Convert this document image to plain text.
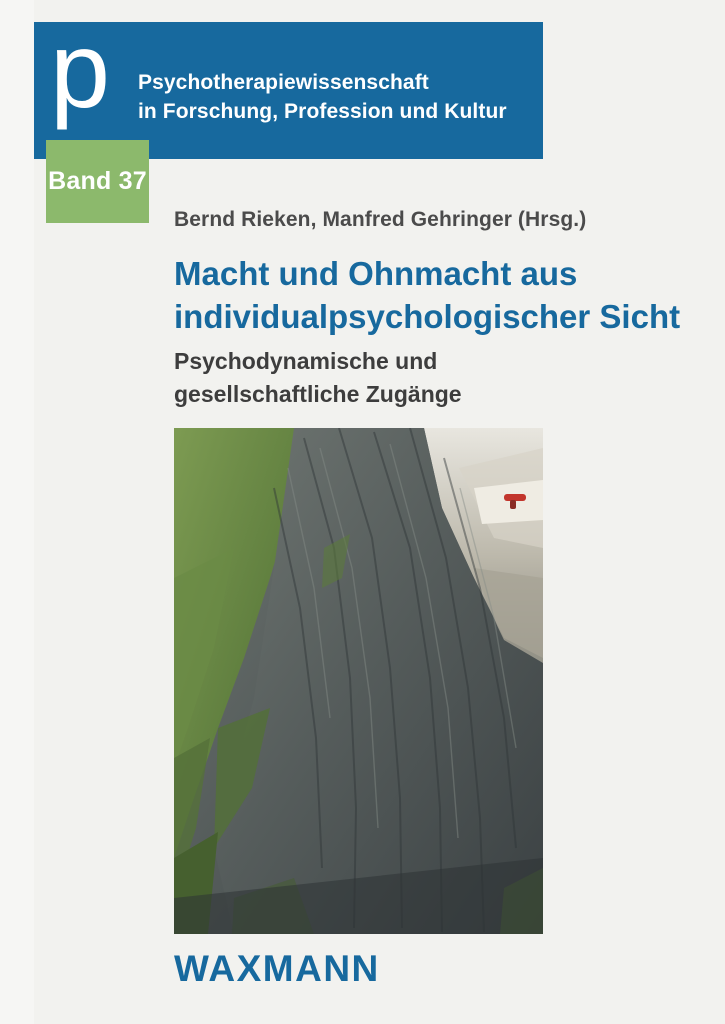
p Psychotherapiewissenschaft
in Forschung, Profession und Kultur
Band 37
Bernd Rieken, Manfred Gehringer (Hrsg.)
Macht und Ohnmacht aus
individualpsychologischer Sicht
Psychodynamische und
gesellschaftliche Zugänge
WAXMANN
